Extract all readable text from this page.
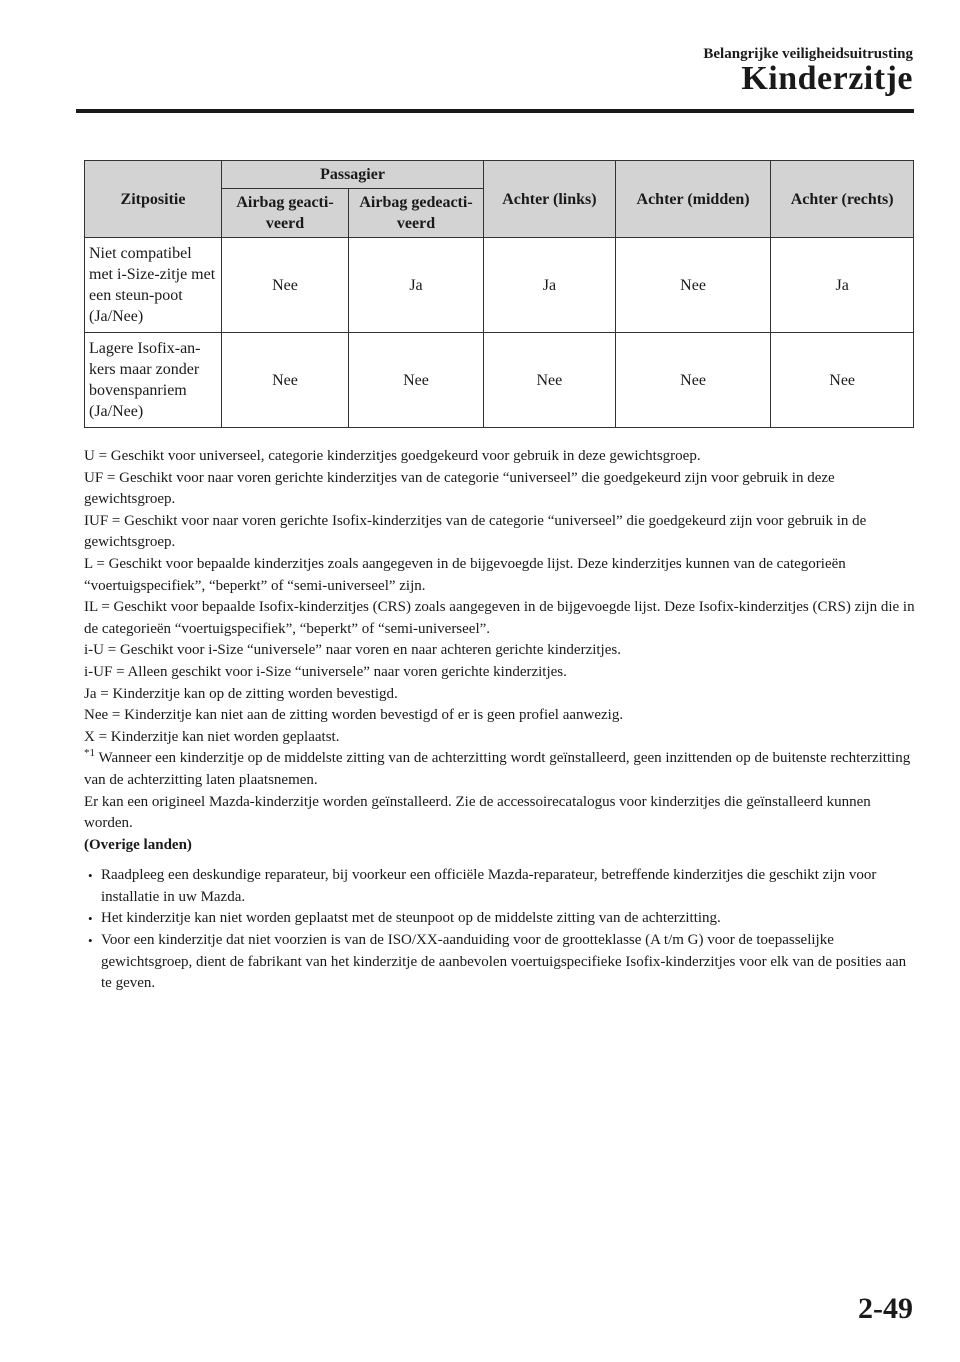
Belangrijke veiligheidsuitrusting
Kinderzitje
Zitpositie	Passagier		Achter (links)	Achter (midden)	Achter (rechts)
	Airbag geacti-veerd	Airbag gedeacti-veerd			
Niet compatibel met i-Size-zitje met een steun-poot (Ja/Nee)	Nee	Ja	Ja	Nee	Ja
Lagere Isofix-an-kers maar zonder bovenspanriem (Ja/Nee)	Nee	Nee	Nee	Nee	Nee

U = Geschikt voor universeel, categorie kinderzitjes goedgekeurd voor gebruik in deze gewichtsgroep.

UF = Geschikt voor naar voren gerichte kinderzitjes van de categorie “universeel” die goedgekeurd zijn voor gebruik in deze gewichtsgroep.

IUF = Geschikt voor naar voren gerichte Isofix-kinderzitjes van de categorie “universeel” die goedgekeurd zijn voor gebruik in de gewichtsgroep.

L = Geschikt voor bepaalde kinderzitjes zoals aangegeven in de bijgevoegde lijst. Deze kinderzitjes kunnen van de categorieën “voertuigspecifiek”, “beperkt” of “semi-universeel” zijn.

IL = Geschikt voor bepaalde Isofix-kinderzitjes (CRS) zoals aangegeven in de bijgevoegde lijst. Deze Isofix-kinderzitjes (CRS) zijn die in de categorieën “voertuigspecifiek”, “beperkt” of “semi-universeel”.

i-U = Geschikt voor i-Size “universele” naar voren en naar achteren gerichte kinderzitjes.

i-UF = Alleen geschikt voor i-Size “universele” naar voren gerichte kinderzitjes.

Ja = Kinderzitje kan op de zitting worden bevestigd.

Nee = Kinderzitje kan niet aan de zitting worden bevestigd of er is geen profiel aanwezig.

X = Kinderzitje kan niet worden geplaatst.

$^{*1}$ Wanneer een kinderzitje op de middelste zitting van de achterzitting wordt geïnstalleerd, geen inzittenden op de buitenste rechterzitting van de achterzitting laten plaatsnemen.

Er kan een origineel Mazda-kinderzitje worden geïnstalleerd. Zie de accessoirecatalogus voor kinderzitjes die geïnstalleerd kunnen worden.

(Overige landen)

• Raadpleeg een deskundige reparateur, bij voorkeur een officiële Mazda-reparateur, betreffende kinderzitjes die geschikt zijn voor installatie in uw Mazda.
• Het kinderzitje kan niet worden geplaatst met de steunpoot op de middelste zitting van de achterzitting.
• Voor een kinderzitje dat niet voorzien is van de ISO/XX-aanduiding voor de grootteklasse (A t/m G) voor de toepasselijke gewichtsgroep, dient de fabrikant van het kinderzitje de aanbevolen voertuigspecifieke Isofix-kinderzitjes voor elk van de posities aan te geven.
2-49
